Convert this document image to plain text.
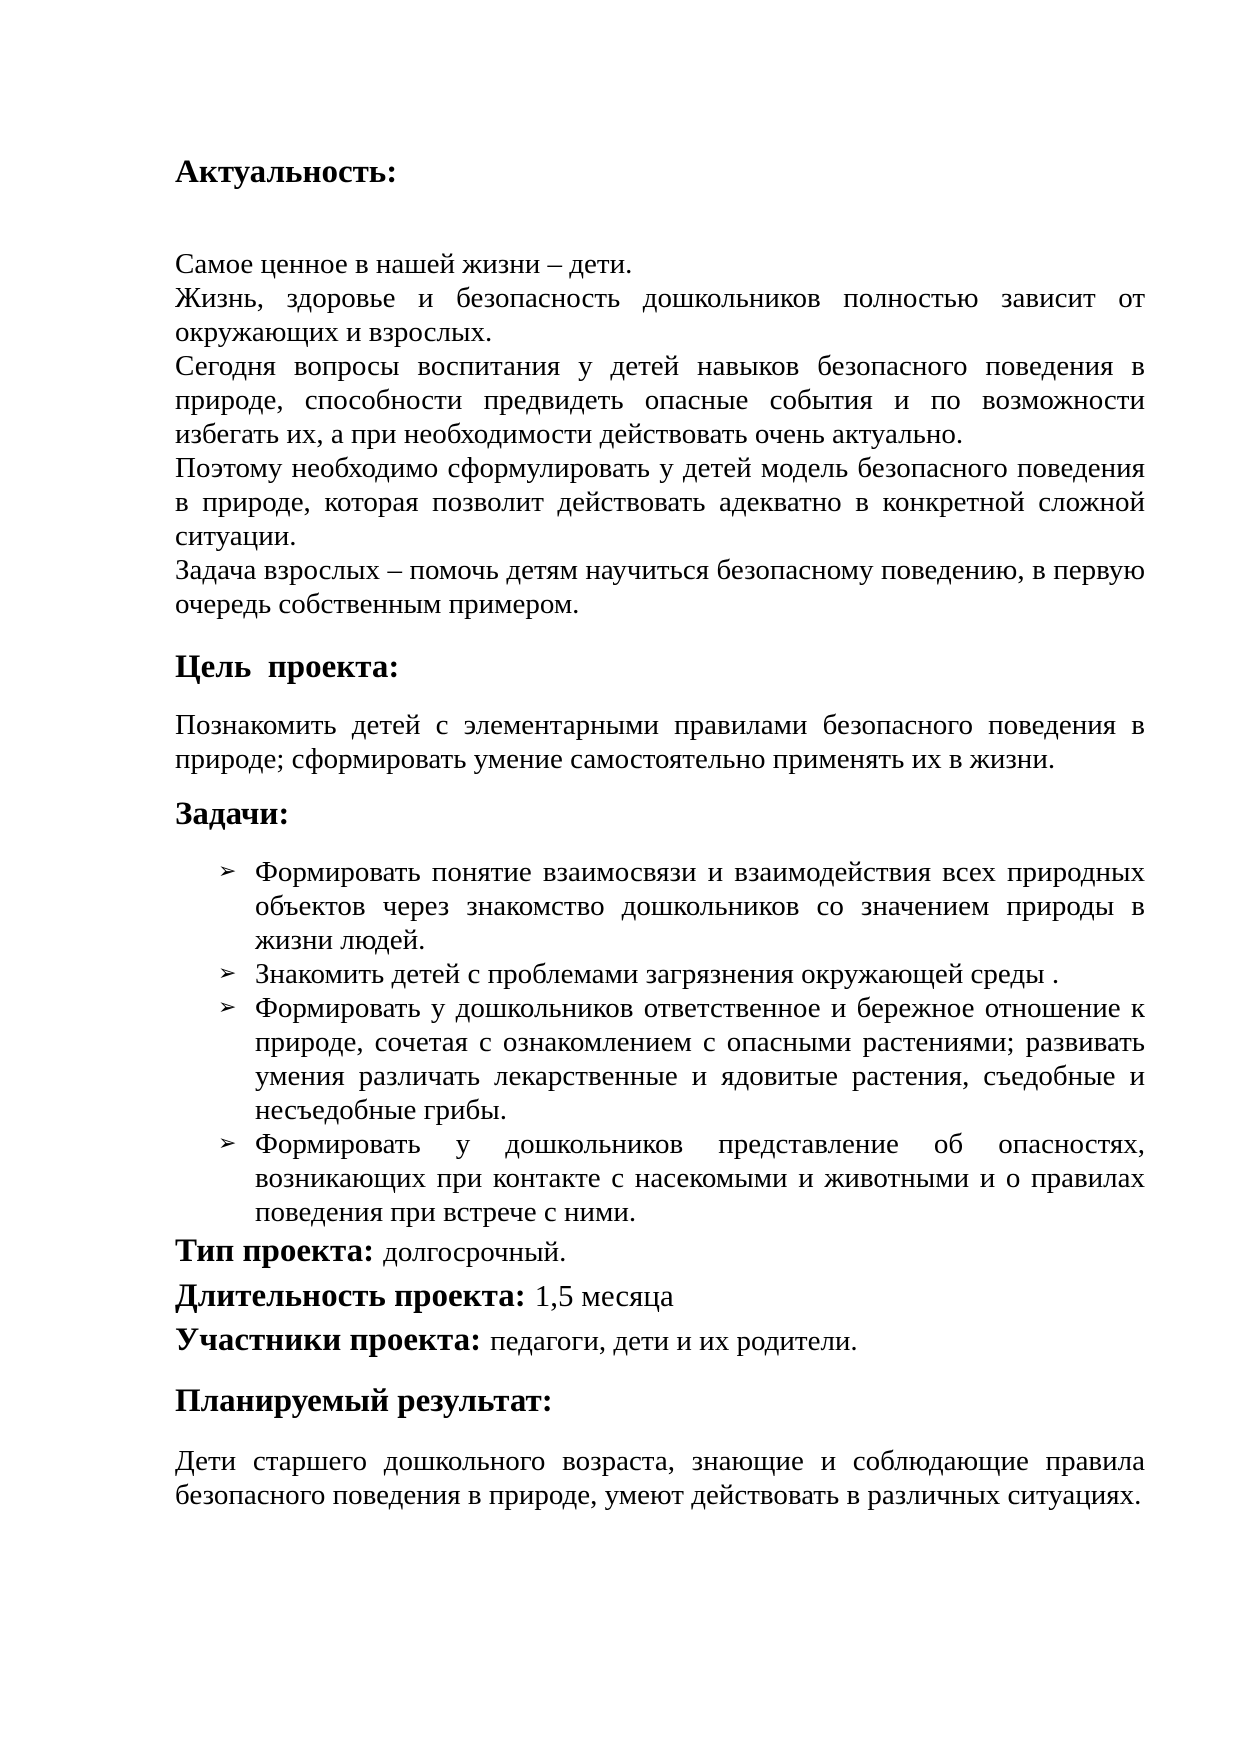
Актуальность:

Самое ценное в нашей жизни – дети.

Жизнь, здоровье и безопасность дошкольников полностью зависит от окружающих и взрослых.

Сегодня вопросы воспитания у детей навыков безопасного поведения в природе, способности предвидеть опасные события и по возможности избегать их, а при необходимости действовать очень актуально.

Поэтому необходимо сформулировать у детей модель безопасного поведения в природе, которая позволит действовать адекватно в конкретной сложной ситуации.

Задача взрослых – помочь детям научиться безопасному поведению, в первую очередь собственным примером.

Цель  проекта:

Познакомить детей с элементарными правилами безопасного поведения в природе; сформировать умение самостоятельно применять их в жизни.

Задачи:
➢ Формировать понятие взаимосвязи и взаимодействия всех природных объектов через знакомство дошкольников со значением природы в жизни людей.
➢ Знакомить детей с проблемами загрязнения окружающей среды .
➢ Формировать у дошкольников ответственное и бережное отношение к природе, сочетая с ознакомлением с опасными растениями; развивать умения различать лекарственные и ядовитые растения, съедобные и несъедобные грибы.
➢ Формировать у дошкольников представление об опасностях, возникающих при контакте с насекомыми и животными и о правилах поведения при встрече с ними.

Тип проекта: долгосрочный.

Длительность проекта: 1,5 месяца

Участники проекта: педагоги, дети и их родители.

Планируемый результат:

Дети старшего дошкольного возраста, знающие и соблюдающие правила безопасного поведения в природе, умеют действовать в различных ситуациях.
